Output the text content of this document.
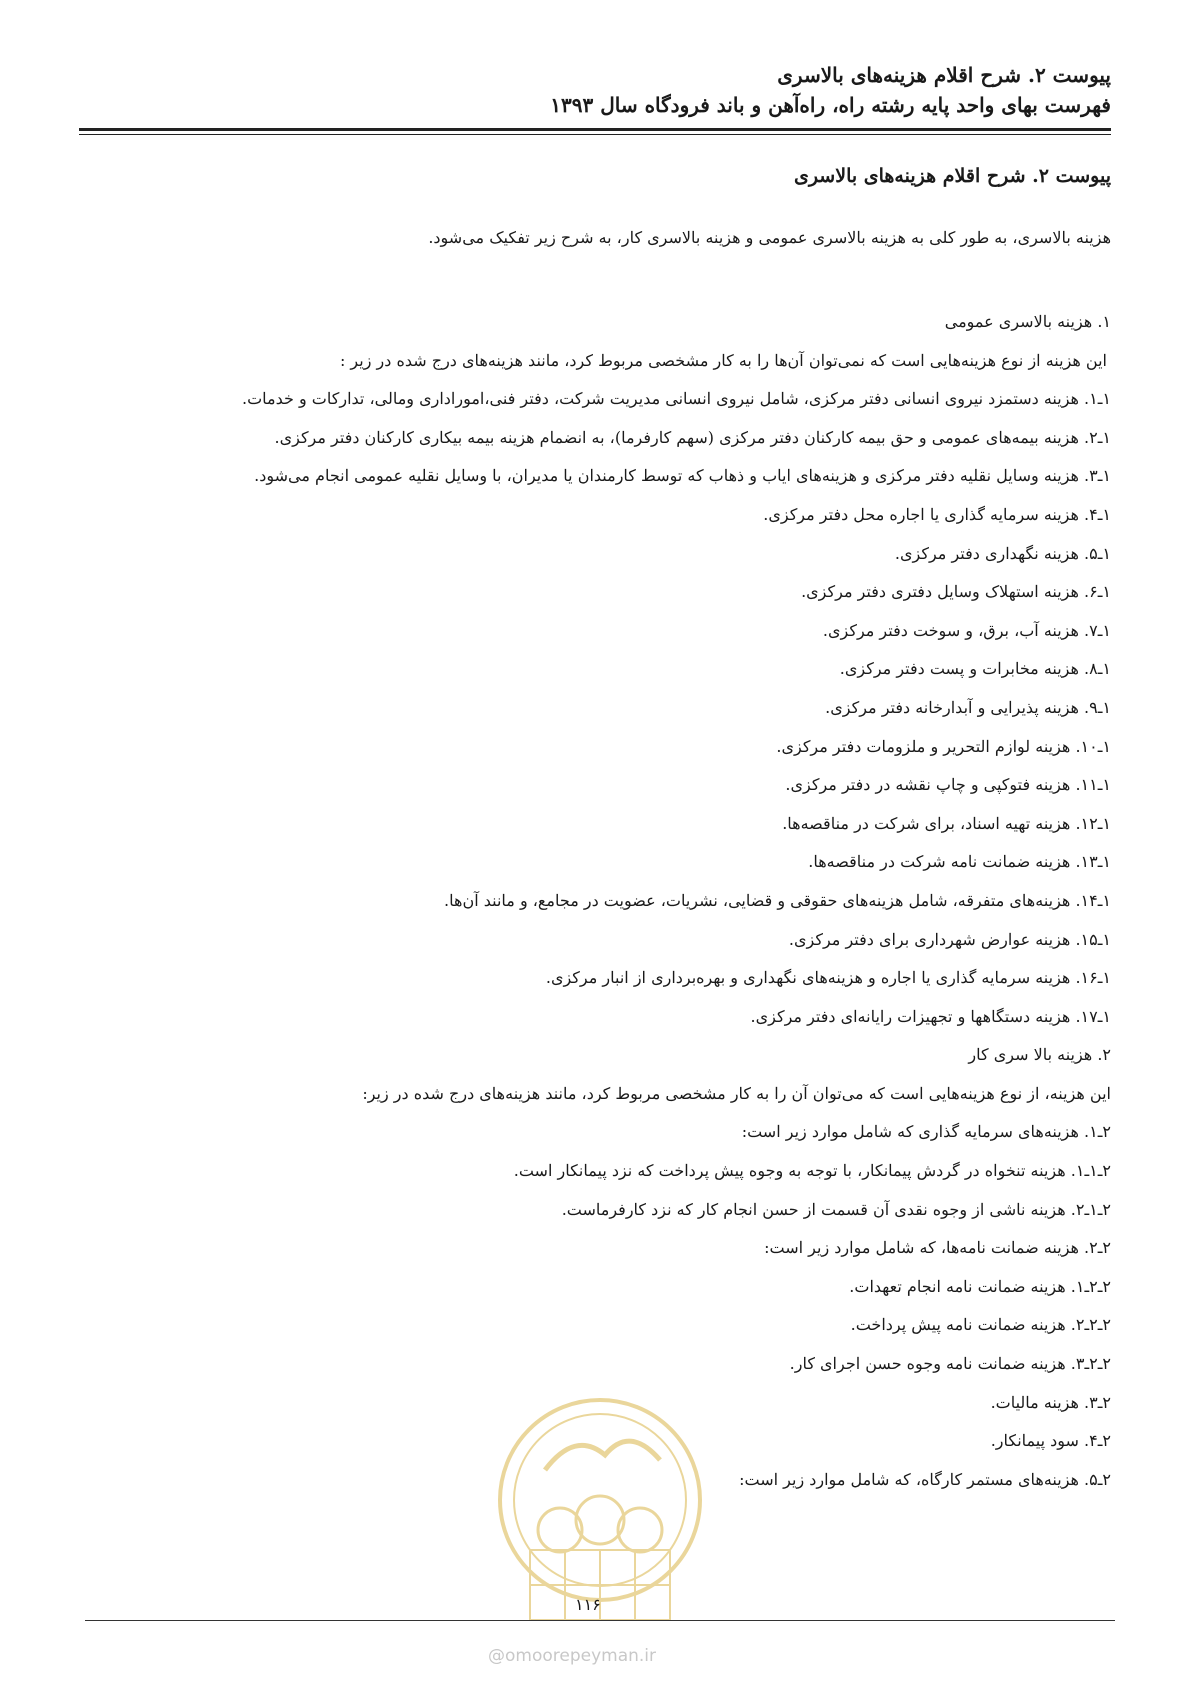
پیوست ۲. شرح اقلام هزینه‌های بالاسری
فهرست بهای واحد پایه رشته راه، راه‌آهن و باند فرودگاه سال ۱۳۹۳
پیوست ۲. شرح اقلام هزینه‌های بالاسری
هزینه بالاسری، به طور کلی به هزینه بالاسری عمومی و هزینه بالاسری کار، به شرح زیر تفکیک می‌شود.
۱. هزینه بالاسری عمومی
این هزینه از نوع هزینه‌هایی است که نمی‌توان آن‌ها را به کار مشخصی مربوط کرد، مانند هزینه‌های درج شده در زیر :
۱ـ۱. هزینه دستمزد نیروی انسانی دفتر مرکزی، شامل نیروی انسانی مدیریت شرکت، دفتر فنی،امورادارى ومالى، تداركات و خدمات.
۱ـ۲. هزینه بیمه‌های عمومی و حق بیمه کارکنان دفتر مرکزی (سهم کارفرما)، به انضمام هزینه بیمه بیکاری کارکنان دفتر مرکزی.
۱ـ۳. هزینه وسایل نقلیه دفتر مرکزی و هزینه‌های ایاب و ذهاب که توسط کارمندان یا مدیران، با وسایل نقلیه عمومی انجام می‌شود.
۱ـ۴. هزینه سرمایه گذاری یا اجاره محل دفتر مرکزی.
۱ـ۵. هزینه نگهداری دفتر مرکزی.
۱ـ۶. هزینه استهلاک وسایل دفتری دفتر مرکزی.
۱ـ۷. هزینه آب، برق، و سوخت دفتر مرکزی.
۱ـ۸. هزینه مخابرات و پست دفتر مرکزی.
۱ـ۹. هزینه پذیرایی و آبدارخانه دفتر مرکزی.
۱ـ۱۰. هزینه لوازم التحریر و ملزومات دفتر مرکزی.
۱ـ۱۱. هزینه فتوکپی و چاپ نقشه در دفتر مرکزی.
۱ـ۱۲. هزینه تهیه اسناد، برای شرکت در مناقصه‌ها.
۱ـ۱۳. هزینه ضمانت نامه شرکت در مناقصه‌ها.
۱ـ۱۴. هزینه‌های متفرقه، شامل هزینه‌های حقوقی و قضایی، نشریات، عضویت در مجامع، و مانند آن‌ها.
۱ـ۱۵. هزینه عوارض شهرداری برای دفتر مرکزی.
۱ـ۱۶. هزینه سرمایه گذاری یا اجاره و هزینه‌های نگهداری و بهره‌برداری از انبار مرکزی.
۱ـ۱۷. هزینه دستگاهها و تجهیزات رایانه‌ای دفتر مرکزی.
۲. هزینه بالا سری کار
این هزینه، از نوع هزینه‌هایی است که می‌توان آن را به کار مشخصی مربوط کرد، مانند هزینه‌های درج شده در زیر:
۲ـ۱. هزینه‌های سرمایه گذاری که شامل موارد زیر است:
۲ـ۱ـ۱. هزینه تنخواه در گردش پیمانکار، با توجه به وجوه پیش پرداخت که نزد پیمانکار است.
۲ـ۱ـ۲. هزینه ناشی از وجوه نقدی آن قسمت از حسن انجام کار که نزد کارفرماست.
۲ـ۲. هزینه ضمانت نامه‌ها، که شامل موارد زیر است:
۲ـ۲ـ۱. هزینه ضمانت نامه انجام تعهدات.
۲ـ۲ـ۲. هزینه ضمانت نامه پیش پرداخت.
۲ـ۲ـ۳. هزینه ضمانت نامه وجوه حسن اجرای کار.
۲ـ۳. هزینه مالیات.
۲ـ۴. سود پیمانکار.
۲ـ۵. هزینه‌های مستمر کارگاه، که شامل موارد زیر است:
۱۱۶
@omoorepeyman.ir
